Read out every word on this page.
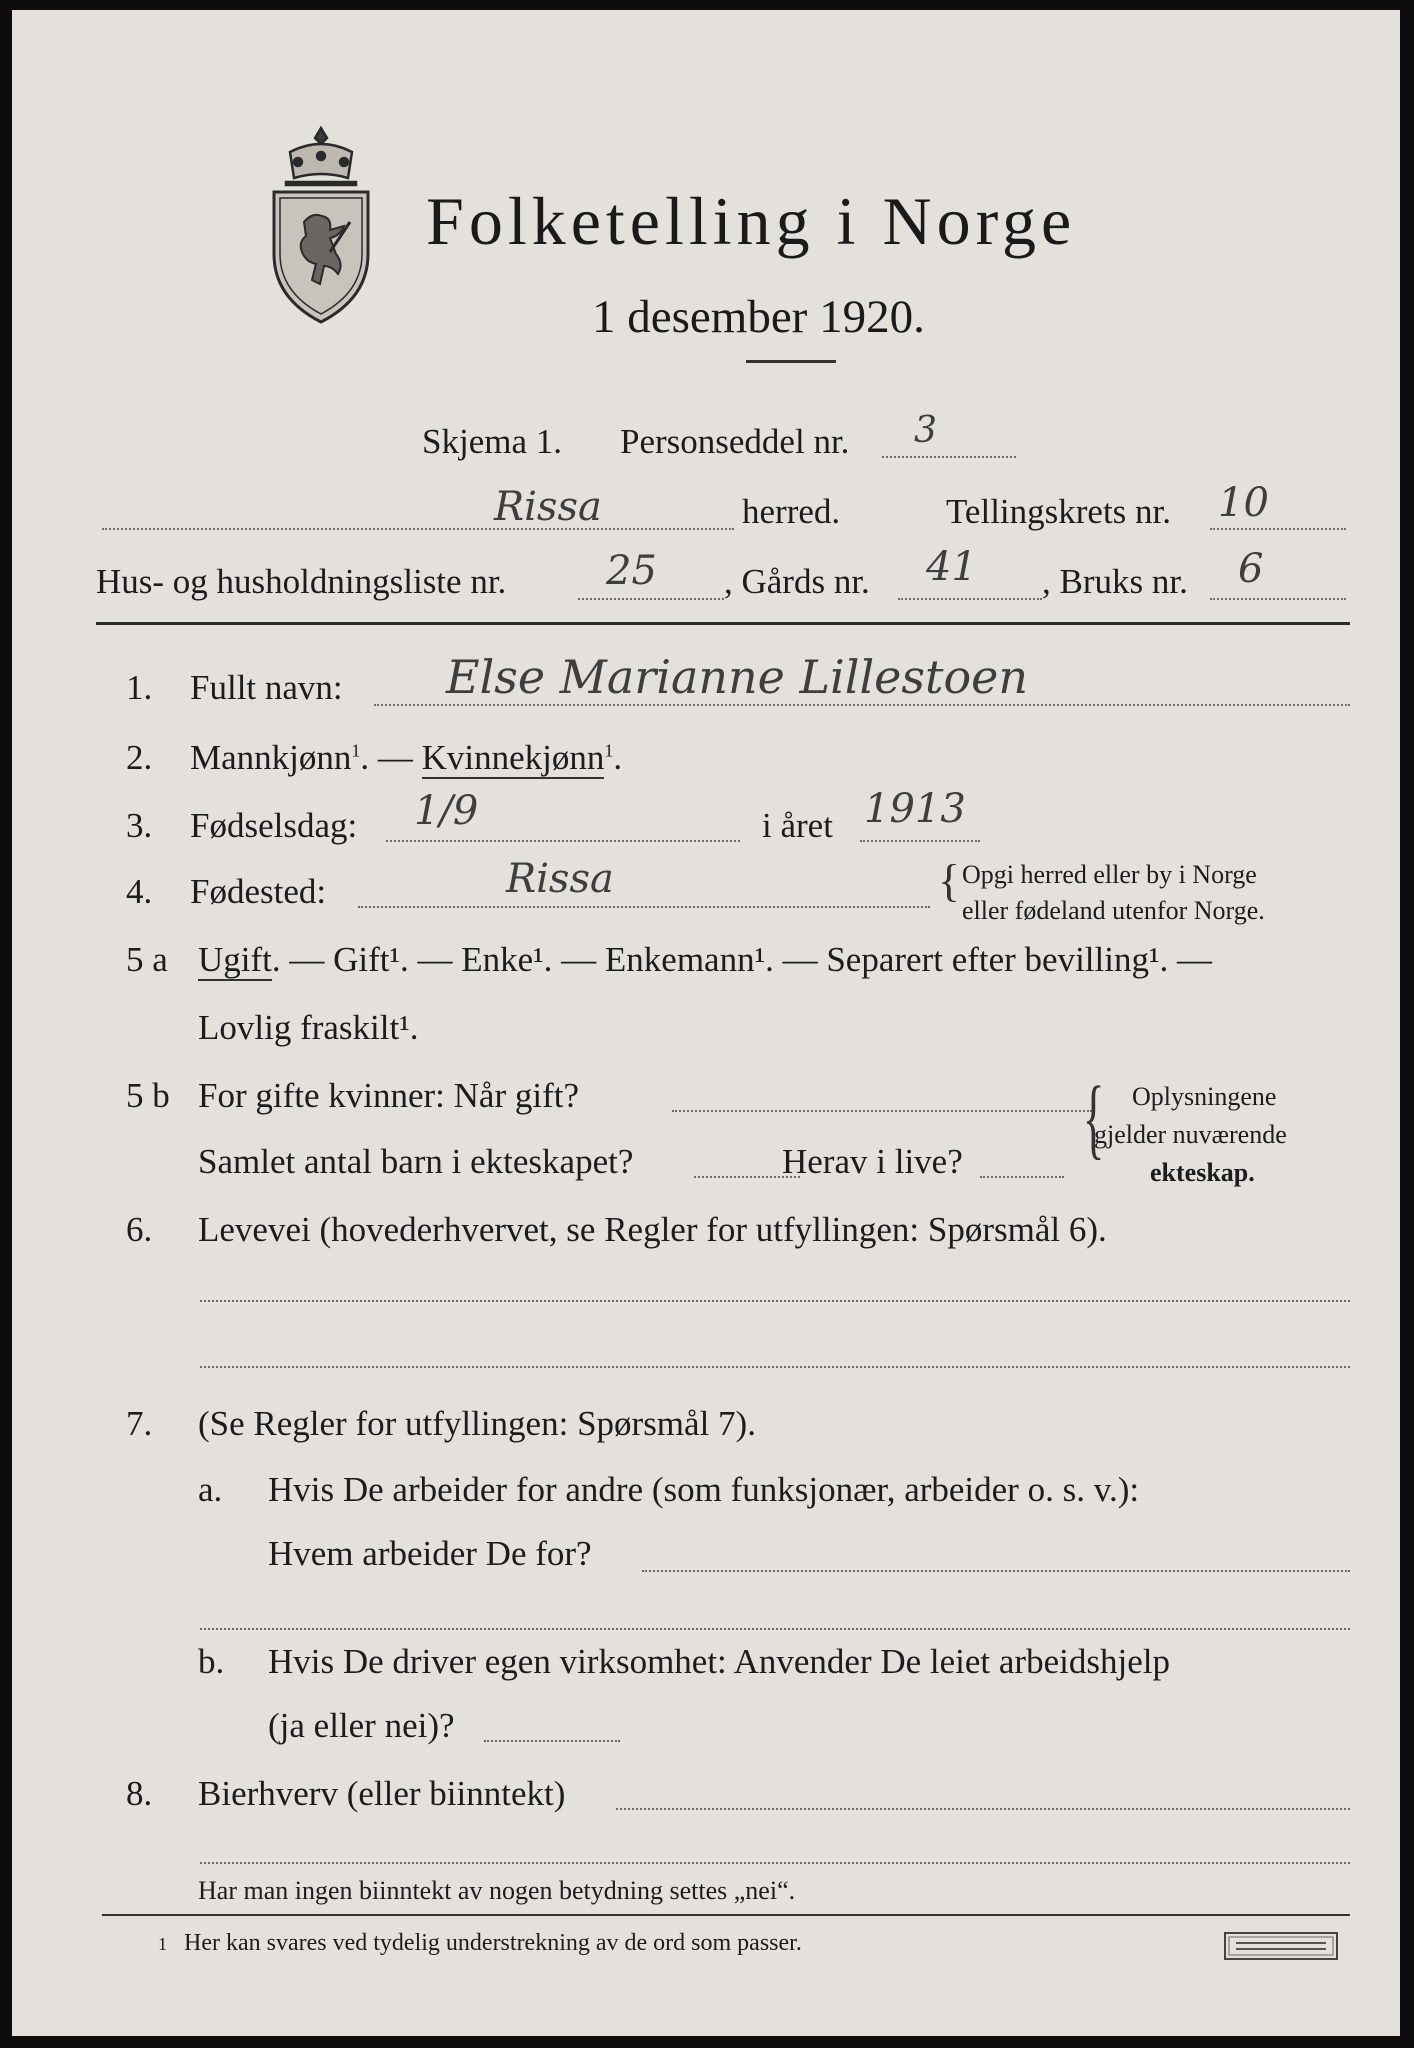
Folketelling i Norge
1 desember 1920.
Skjema 1. Personseddel nr. 3
Rissa	herred.	Tellingskrets nr. 10
Hus- og husholdningsliste nr. 25 , Gårds nr. 41 , Bruks nr. 6
1. Fullt navn: Else Marianne Lillestoen
2. Mannkjønn$^1$. — Kvinnekjønn$^1$.
3. Fødselsdag: 1/9	i året 1913
4. Fødested:	Rissa	{ Opgi herred eller by i Norge
eller fødeland utenfor Norge.
5 a Ugift. — Gift¹. — Enke¹. — Enkemann¹. — Separert efter bevilling¹. —
Lovlig fraskilt¹.
5 b For gifte kvinner: Når gift?
Samlet antal barn i ekteskapet?	Herav i live? { Oplysningene
gjelder nuværende
ekteskap.
6. Levevei (hovederhvervet, se Regler for utfyllingen: Spørsmål 6).
7. (Se Regler for utfyllingen: Spørsmål 7).
a. Hvis De arbeider for andre (som funksjonær, arbeider o. s. v.):
Hvem arbeider De for?
b. Hvis De driver egen virksomhet: Anvender De leiet arbeidshjelp
(ja eller nei)?
8. Bierhverv (eller biinntekt)
Har man ingen biinntekt av nogen betydning settes „nei“.
1 Her kan svares ved tydelig understrekning av de ord som passer.
